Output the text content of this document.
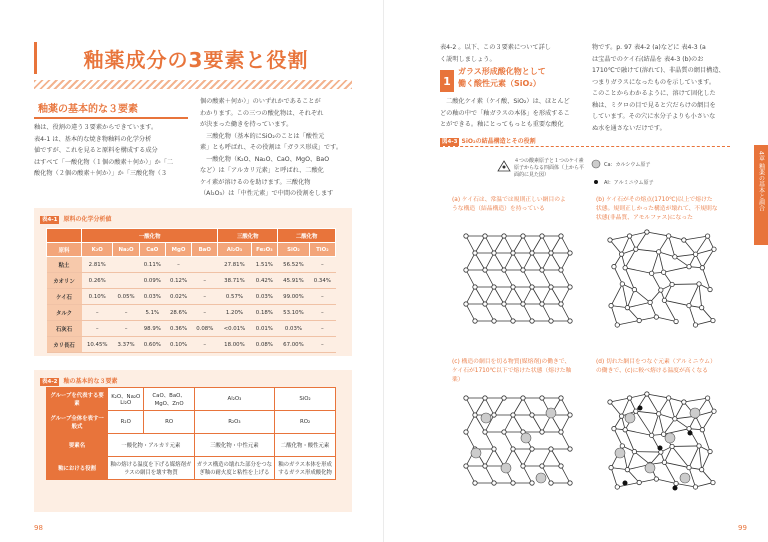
釉薬成分の3要素と役割
釉薬の基本的な３要素
釉は、役割の違う３要素からできています。
表4-1 は、基本的な焼き物釉料の化学分析
値ですが、これを見ると原料を構成する成分
はすべて「一酸化物（１個の酸素＋何か）」か「二
酸化物（２個の酸素＋何か）」か「三酸化物（３
個の酸素＋何か）」のいずれかであることが
わかります。この三つの酸化物は、それぞれ
が決まった働きを持っています。
　三酸化物（基本的にSiO₂のことは「酸性元
素」とも呼ばれ、その役割は「ガラス形成」です。
　一酸化物（K₂O、Na₂O、CaO、MgO、BaO
など）は「アルカリ元素」と呼ばれ、二酸化
ケイ素が溶けるのを助けます。三酸化物
（Al₂O₃）は「中性元素」で中間の役割をします
表4-1 原料の化学分析値
	一酸化物					三酸化物		二酸化物	
原料	K₂O	Na₂O	CaO	MgO	BaO	Al₂O₃	Fe₂O₃	SiO₂	TiO₂
粘土	2.81%		0.11%	–		27.81%	1.51%	56.52%	–
カオリン	0.26%		0.09%	0.12%	–	38.71%	0.42%	45.91%	0.34%
ケイ石	0.10%	0.05%	0.03%	0.02%	–	0.57%	0.03%	99.00%	–
タルク	–	–	5.1%	28.6%	–	1.20%	0.18%	53.10%	–
石灰石	–	–	98.9%	0.36%	0.08%	<0.01%	0.01%	0.03%	–
カリ長石	10.45%	3.37%	0.60%	0.10%	–	18.00%	0.08%	67.00%	–
表4-2 釉の基本的な３要素
グループを代表する要素	K₂O、Na₂O Li₂O	CaO、BaO、MgO、ZnO	Al₂O₃	SiO₂
グループ全体を表す一般式	R₂O	RO	R₂O₃	RO₂
要素名	一酸化物・アルカリ元素		三酸化物・中性元素	二酸化物・酸性元素
釉における役割	釉の熔ける温度を下げる媒熔剤ガラスの網目を壊す物質		ガラス構造の壊れた部分をつなぎ釉の耐火度と粘性を上げる	釉のガラス本体を形成するガラス形成酸化物
98
表4-2 。以下、この３要素について詳し
く説明しましょう。
1
ガラス形成酸化物として
働く酸性元素（SiO₂）
　二酸化ケイ素（ケイ酸、SiO₂）は、ほとんど
どの釉の中で「釉ガラスの本体」を形成するこ
とができる。釉にとってもっとも重要な酸化
物です。p. 97 表4-2 (a)などに 表4-3 (a
は宝晶でのケイ石(結晶を 表4-3 (b)のお
1710℃で融けて(溶れて)、非晶質の網目構造、
つまりガラスになったものを示しています。
このことからわかるように、溶けて固化した
釉は、ミクロの目で見ると穴だらけの網目を
しています。その穴に水分子よりも小さいな
ぬ水を通さないだけです。
4
章

釉薬の基本と調合
図4-3 SiO₂の結晶構造とその役割
４つの酸素原子と１つのケイ素原子からなる四面体（上から平面的に見た図）
Ca：カルシウム原子
Al：アルミニウム原子
(a) ケイ石は、常温では規則正しい網目のような構造（結晶構造）を持っている
(b) ケイ石がその熔点(1710℃)以上で熔けた状態。規則正しかった構造が壊れて、不規則な状態(非晶質、アモルファス)になった
(c) 構造の網目を切る物質(媒熔剤)の働きで、ケイ石が1710℃以下で熔けた状態（熔けた釉薬）
(d) 切れた網目をつなぐ元素（アルミニウム）の働きで、(c)に較べ熔ける温度が高くなる
99
